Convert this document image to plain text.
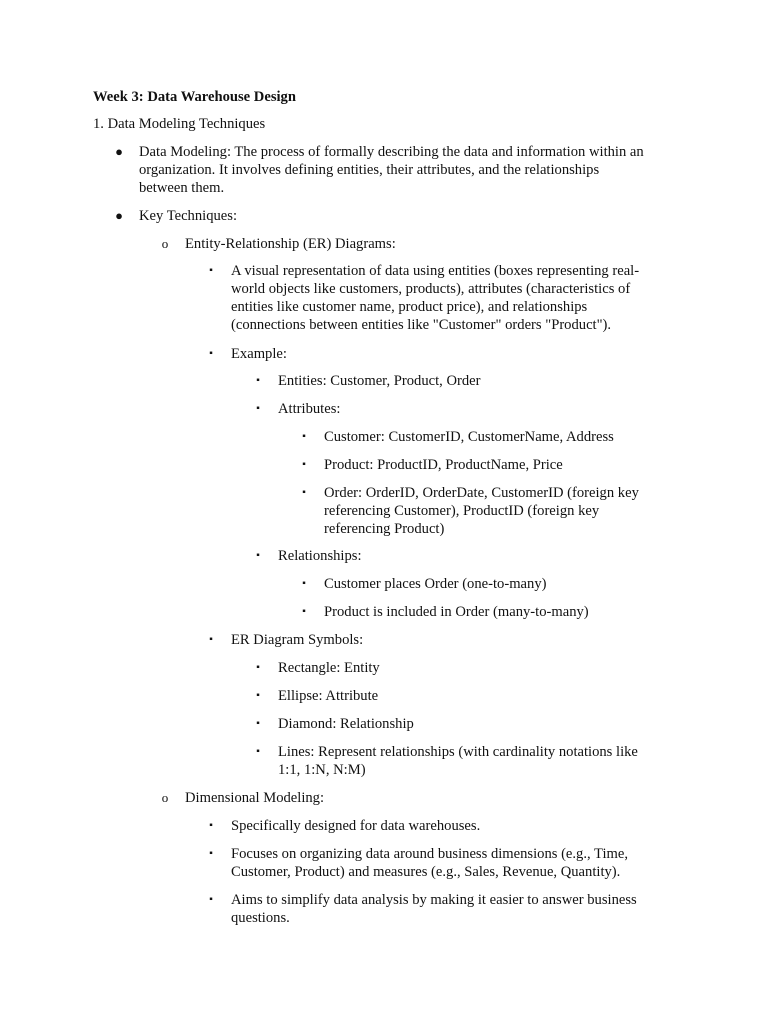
Week 3: Data Warehouse Design
1. Data Modeling Techniques
● Data Modeling: The process of formally describing the data and information within an
organization. It involves defining entities, their attributes, and the relationships
between them.
● Key Techniques:
o Entity-Relationship (ER) Diagrams:
▪ A visual representation of data using entities (boxes representing real-
world objects like customers, products), attributes (characteristics of
entities like customer name, product price), and relationships
(connections between entities like "Customer" orders "Product").
▪ Example:
▪ Entities: Customer, Product, Order
▪ Attributes:
▪ Customer: CustomerID, CustomerName, Address
▪ Product: ProductID, ProductName, Price
▪ Order: OrderID, OrderDate, CustomerID (foreign key
referencing Customer), ProductID (foreign key
referencing Product)
▪ Relationships:
▪ Customer places Order (one-to-many)
▪ Product is included in Order (many-to-many)
▪ ER Diagram Symbols:
▪ Rectangle: Entity
▪ Ellipse: Attribute
▪ Diamond: Relationship
▪ Lines: Represent relationships (with cardinality notations like
1:1, 1:N, N:M)
o Dimensional Modeling:
▪ Specifically designed for data warehouses.
▪ Focuses on organizing data around business dimensions (e.g., Time,
Customer, Product) and measures (e.g., Sales, Revenue, Quantity).
▪ Aims to simplify data analysis by making it easier to answer business
questions.
